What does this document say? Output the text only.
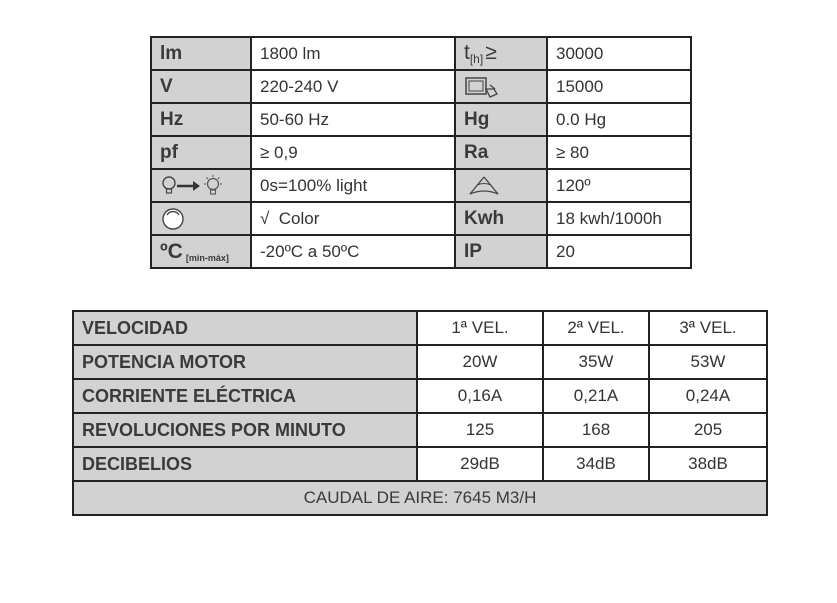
lm	1800 lm	t[h]≥	30000
V	220-240 V		15000
Hz	50-60 Hz	Hg	0.0 Hg
pf	≥ 0,9	Ra	≥ 80
	0s=100% light		120º
	√  Color	Kwh	18 kwh/1000h
ºC $_{[min-máx]}$	-20ºC a 50ºC	IP	20
VELOCIDAD	1ª VEL.	2ª VEL.	3ª VEL.
POTENCIA MOTOR	20W	35W	53W
CORRIENTE ELÉCTRICA	0,16A	0,21A	0,24A
REVOLUCIONES POR MINUTO	125	168	205
DECIBELIOS	29dB	34dB	38dB
CAUDAL DE AIRE: 7645 M3/H			
